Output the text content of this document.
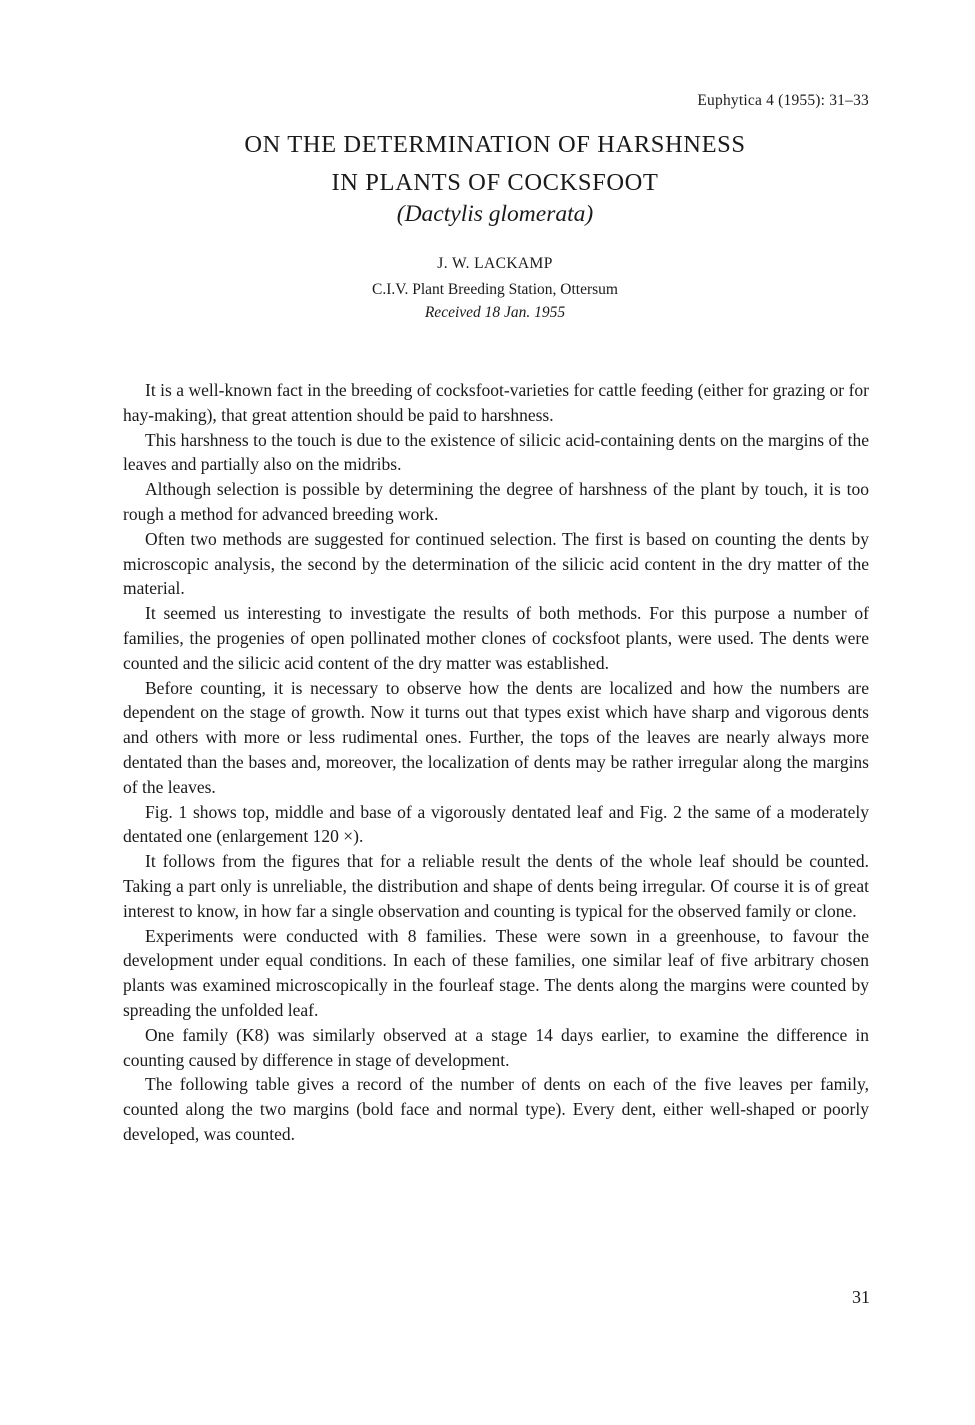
Euphytica 4 (1955): 31–33
ON THE DETERMINATION OF HARSHNESS
IN PLANTS OF COCKSFOOT
(Dactylis glomerata)
J. W. LACKAMP
C.I.V. Plant Breeding Station, Ottersum
Received 18 Jan. 1955

It is a well-known fact in the breeding of cocksfoot-varieties for cattle feeding (either for grazing or for hay-making), that great attention should be paid to harshness.

This harshness to the touch is due to the existence of silicic acid-containing dents on the margins of the leaves and partially also on the midribs.

Although selection is possible by determining the degree of harshness of the plant by touch, it is too rough a method for advanced breeding work.

Often two methods are suggested for continued selection. The first is based on counting the dents by microscopic analysis, the second by the determination of the silicic acid content in the dry matter of the material.

It seemed us interesting to investigate the results of both methods. For this purpose a number of families, the progenies of open pollinated mother clones of cocksfoot plants, were used. The dents were counted and the silicic acid content of the dry matter was established.

Before counting, it is necessary to observe how the dents are localized and how the numbers are dependent on the stage of growth. Now it turns out that types exist which have sharp and vigorous dents and others with more or less rudimental ones. Further, the tops of the leaves are nearly always more dentated than the bases and, moreover, the localization of dents may be rather irregular along the margins of the leaves.

Fig. 1 shows top, middle and base of a vigorously dentated leaf and Fig. 2 the same of a moderately dentated one (enlargement 120 ×).

It follows from the figures that for a reliable result the dents of the whole leaf should be counted. Taking a part only is unreliable, the distribution and shape of dents being irregular. Of course it is of great interest to know, in how far a single observation and counting is typical for the observed family or clone.

Experiments were conducted with 8 families. These were sown in a greenhouse, to favour the development under equal conditions. In each of these families, one similar leaf of five arbitrary chosen plants was examined microscopically in the fourleaf stage. The dents along the margins were counted by spreading the unfolded leaf.

One family (K8) was similarly observed at a stage 14 days earlier, to examine the difference in counting caused by difference in stage of development.

The following table gives a record of the number of dents on each of the five leaves per family, counted along the two margins (bold face and normal type). Every dent, either well-shaped or poorly developed, was counted.

31
